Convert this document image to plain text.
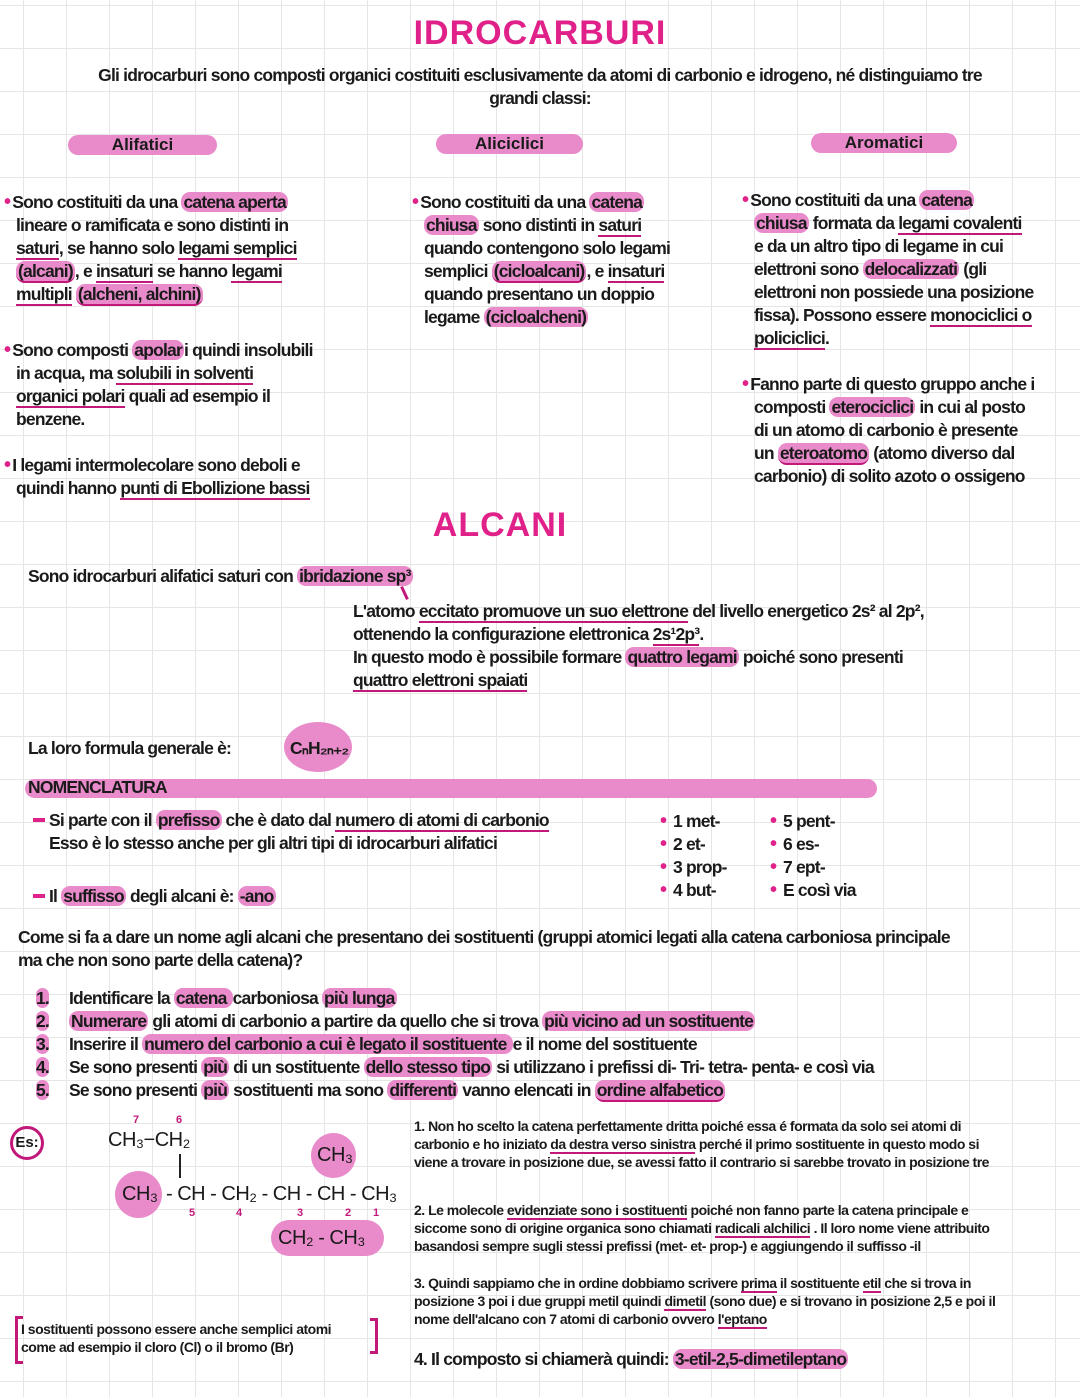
IDROCARBURI
Gli idrocarburi sono composti organici costituiti esclusivamente da atomi di carbonio e idrogeno, né distinguiamo tre
grandi classi:
Alifatici	Aliciclici	Aromatici
• Sono costituiti da una catena aperta
lineare o ramificata e sono distinti in
saturi, se hanno solo legami semplici
(alcani) , e insaturi se hanno legami
multipli (alcheni, alchini)
• Sono composti apolar i quindi insolubili
in acqua, ma solubili in solventi
organici polari quali ad esempio il
benzene.
• I legami intermolecolare sono deboli e
quindi hanno punti di Ebollizione bassi
• Sono costituiti da una catena
chiusa sono distinti in saturi
quando contengono solo legami
semplici (cicloalcani) , e insaturi
quando presentano un doppio
legame (cicloalcheni)
• Sono costituiti da una catena
chiusa formata da legami covalenti
e da un altro tipo di legame in cui
elettroni sono delocalizzati (gli
elettroni non possiede una posizione
fissa). Possono essere monociclici o
policiclici.
• Fanno parte di questo gruppo anche i
composti eterociclici in cui al posto
di un atomo di carbonio è presente
un eteroatomo (atomo diverso dal
carbonio) di solito azoto o ossigeno
ALCANI
Sono idrocarburi alifatici saturi con ibridazione sp³
L'atomo eccitato promuove un suo elettrone del livello energetico 2s² al 2p²,
ottenendo la configurazione elettronica 2s¹2p³.
In questo modo è possibile formare quattro legami poiché sono presenti
quattro elettroni spaiati
La loro formula generale è:	CₙH₂ₙ₊₂
NOMENCLATURA
Si parte con il prefisso che è dato dal numero di atomi di carbonio
Esso è lo stesso anche per gli altri tipi di idrocarburi alifatici
• 1 met-
• 2 et-
• 3 prop-
• 4 but-
• 5 pent-
• 6 es-
• 7 ept-
• E così via
Il suffisso degli alcani è: -ano
Come si fa a dare un nome agli alcani che presentano dei sostituenti (gruppi atomici legati alla catena carboniosa principale
ma che non sono parte della catena)?
1.
2.
3.
4.
5.
Identificare la catena carboniosa più lunga
Numerare gli atomi di carbonio a partire da quello che si trova più vicino ad un sostituente
Inserire il numero del carbonio a cui è legato il sostituente e il nome del sostituente
Se sono presenti più di un sostituente dello stesso tipo si utilizzano i prefissi di- Tri- tetra- penta- e così via
Se sono presenti più sostituenti ma sono differenti vanno elencati in ordine alfabetico
Es:
7	6
CH₃−CH₂
CH₃
CH₃ - CH - CH₂ - CH - CH - CH₃
5	4	3	2 1
CH₂ - CH₃
1. Non ho scelto la catena perfettamente dritta poiché essa é formata da solo sei atomi di
carbonio e ho iniziato da destra verso sinistra perché il primo sostituente in questo modo si
viene a trovare in posizione due, se avessi fatto il contrario si sarebbe trovato in posizione tre
2. Le molecole evidenziate sono i sostituenti poiché non fanno parte la catena principale e
siccome sono di origine organica sono chiamati radicali alchilici . Il loro nome viene attribuito
basandosi sempre sugli stessi prefissi (met- et- prop-) e aggiungendo il suffisso -il
3. Quindi sappiamo che in ordine dobbiamo scrivere prima il sostituente etil che si trova in
posizione 3 poi i due gruppi metil quindi dimetil (sono due) e si trovano in posizione 2,5 e poi il
nome dell'alcano con 7 atomi di carbonio ovvero l'eptano
4. Il composto si chiamerà quindi: 3-etil-2,5-dimetileptano
I sostituenti possono essere anche semplici atomi
come ad esempio il cloro (Cl) o il bromo (Br)
